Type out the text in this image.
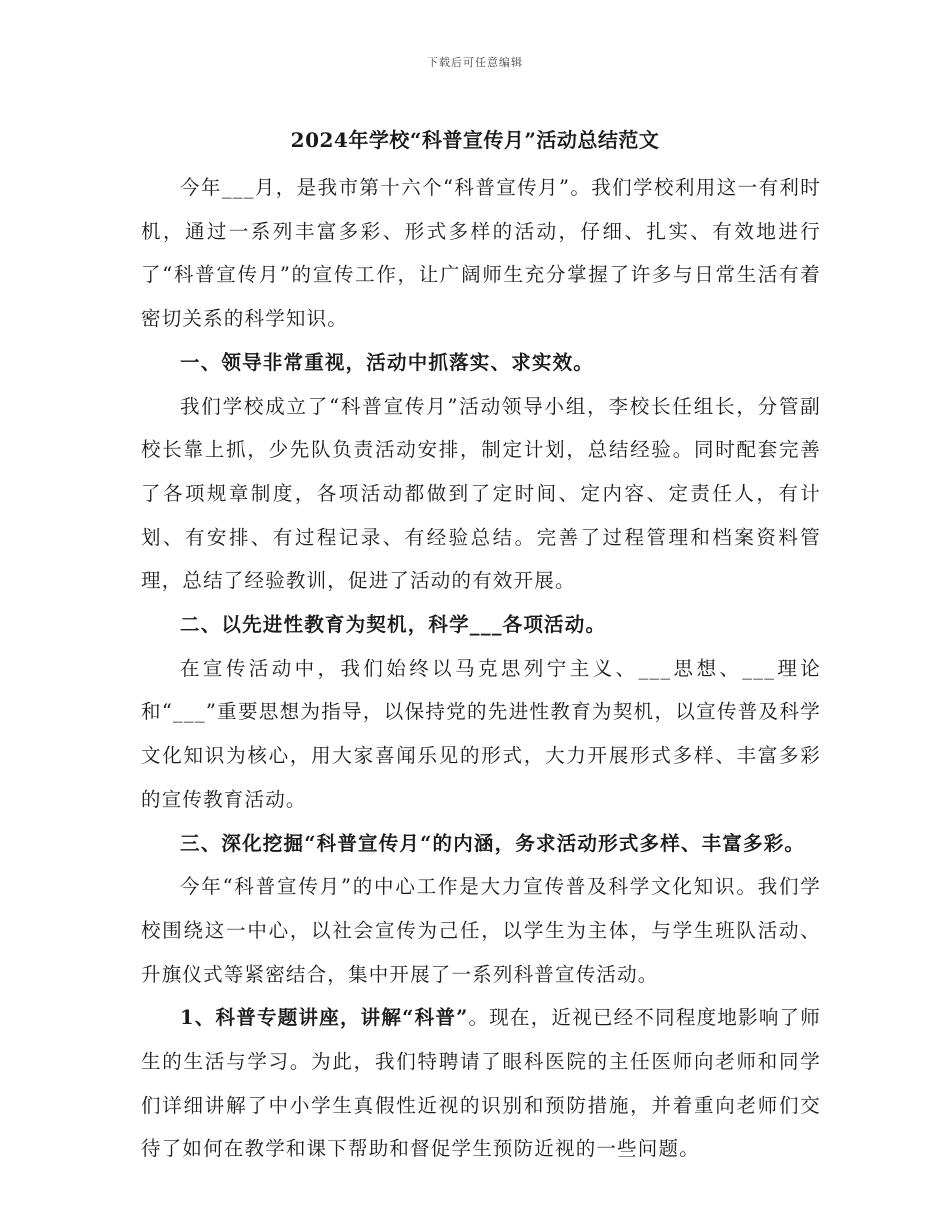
下载后可任意编辑
2024年学校“科普宣传月”活动总结范文

今年___月，是我市第十六个“科普宣传月”。我们学校利用这一有利时机，通过一系列丰富多彩、形式多样的活动，仔细、扎实、有效地进行了“科普宣传月”的宣传工作，让广阔师生充分掌握了许多与日常生活有着密切关系的科学知识。

一、领导非常重视，活动中抓落实、求实效。

我们学校成立了“科普宣传月”活动领导小组，李校长任组长，分管副校长靠上抓，少先队负责活动安排，制定计划，总结经验。同时配套完善了各项规章制度，各项活动都做到了定时间、定内容、定责任人，有计划、有安排、有过程记录、有经验总结。完善了过程管理和档案资料管理，总结了经验教训，促进了活动的有效开展。

二、以先进性教育为契机，科学___各项活动。

在宣传活动中，我们始终以马克思列宁主义、___思想、___理论和“___”重要思想为指导，以保持党的先进性教育为契机，以宣传普及科学文化知识为核心，用大家喜闻乐见的形式，大力开展形式多样、丰富多彩的宣传教育活动。

三、深化挖掘“科普宣传月“的内涵，务求活动形式多样、丰富多彩。

今年“科普宣传月”的中心工作是大力宣传普及科学文化知识。我们学校围绕这一中心，以社会宣传为己任，以学生为主体，与学生班队活动、升旗仪式等紧密结合，集中开展了一系列科普宣传活动。

1、科普专题讲座，讲解“科普”。现在，近视已经不同程度地影响了师生的生活与学习。为此，我们特聘请了眼科医院的主任医师向老师和同学们详细讲解了中小学生真假性近视的识别和预防措施，并着重向老师们交待了如何在教学和课下帮助和督促学生预防近视的一些问题。
